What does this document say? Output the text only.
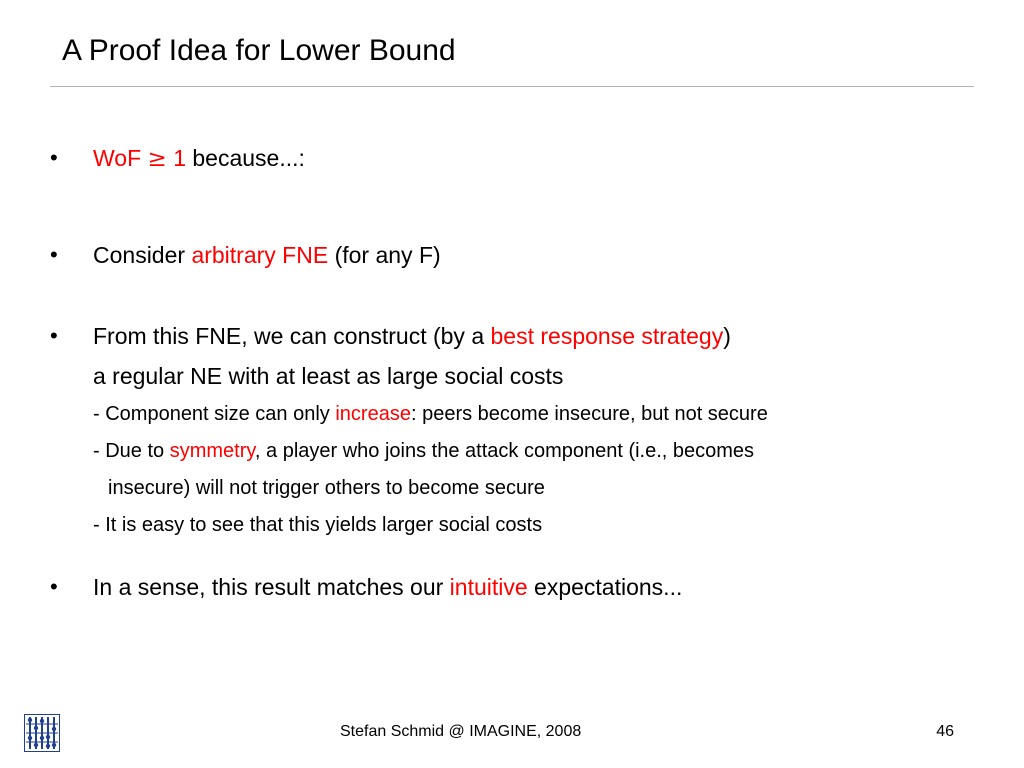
A Proof Idea for Lower Bound
• WoF ≥ 1 because...:
• Consider arbitrary FNE (for any F)
• From this FNE, we can construct (by a best response strategy)
a regular NE with at least as large social costs
- Component size can only increase: peers become insecure, but not secure
- Due to symmetry, a player who joins the attack component (i.e., becomes
insecure) will not trigger others to become secure
- It is easy to see that this yields larger social costs
• In a sense, this result matches our intuitive expectations...
Stefan Schmid @ IMAGINE, 2008	46
